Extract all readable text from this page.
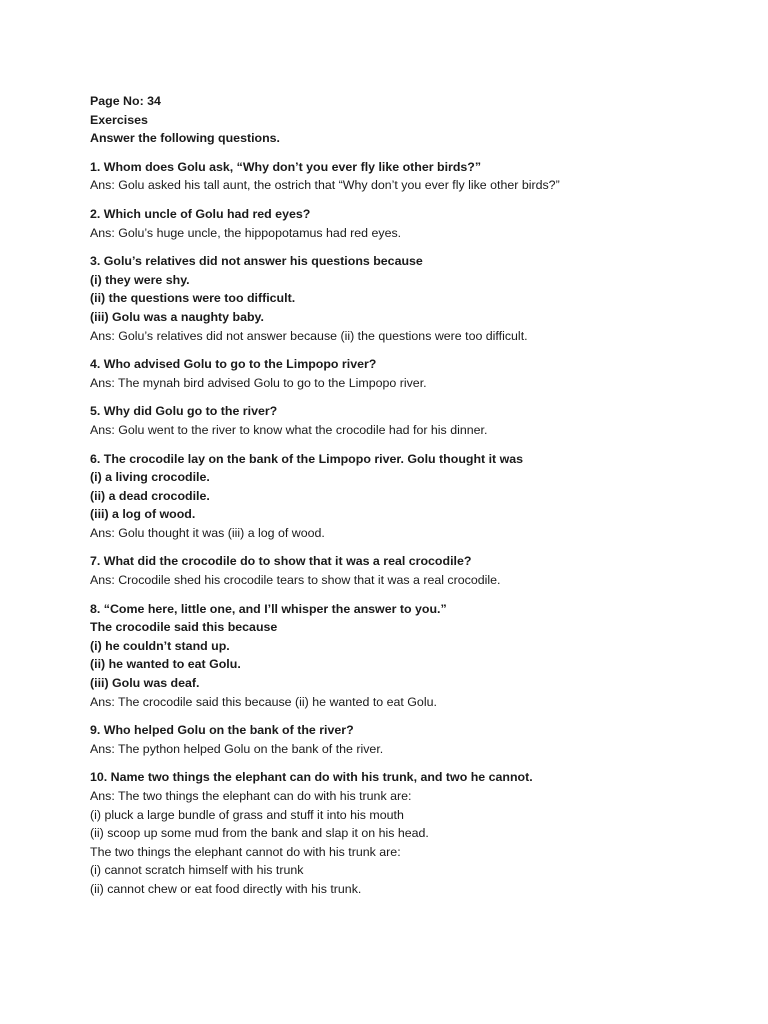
Page No: 34

Exercises

Answer the following questions.

1. Whom does Golu ask, “Why don’t you ever fly like other birds?”

Ans: Golu asked his tall aunt, the ostrich that “Why don’t you ever fly like other birds?”

2. Which uncle of Golu had red eyes?

Ans: Golu’s huge uncle, the hippopotamus had red eyes.

3. Golu’s relatives did not answer his questions because

(i) they were shy.

(ii) the questions were too difficult.

(iii) Golu was a naughty baby.

Ans: Golu’s relatives did not answer because (ii) the questions were too difficult.

4. Who advised Golu to go to the Limpopo river?

Ans: The mynah bird advised Golu to go to the Limpopo river.

5. Why did Golu go to the river?

Ans: Golu went to the river to know what the crocodile had for his dinner.

6. The crocodile lay on the bank of the Limpopo river. Golu thought it was

(i) a living crocodile.

(ii) a dead crocodile.

(iii) a log of wood.

Ans: Golu thought it was (iii) a log of wood.

7. What did the crocodile do to show that it was a real crocodile?

Ans: Crocodile shed his crocodile tears to show that it was a real crocodile.

8. “Come here, little one, and I’ll whisper the answer to you.”

The crocodile said this because

(i) he couldn’t stand up.

(ii) he wanted to eat Golu.

(iii) Golu was deaf.

Ans: The crocodile said this because (ii) he wanted to eat Golu.

9. Who helped Golu on the bank of the river?

Ans: The python helped Golu on the bank of the river.

10. Name two things the elephant can do with his trunk, and two he cannot.

Ans: The two things the elephant can do with his trunk are:

(i) pluck a large bundle of grass and stuff it into his mouth

(ii) scoop up some mud from the bank and slap it on his head.

The two things the elephant cannot do with his trunk are:

(i) cannot scratch himself with his trunk

(ii) cannot chew or eat food directly with his trunk.
